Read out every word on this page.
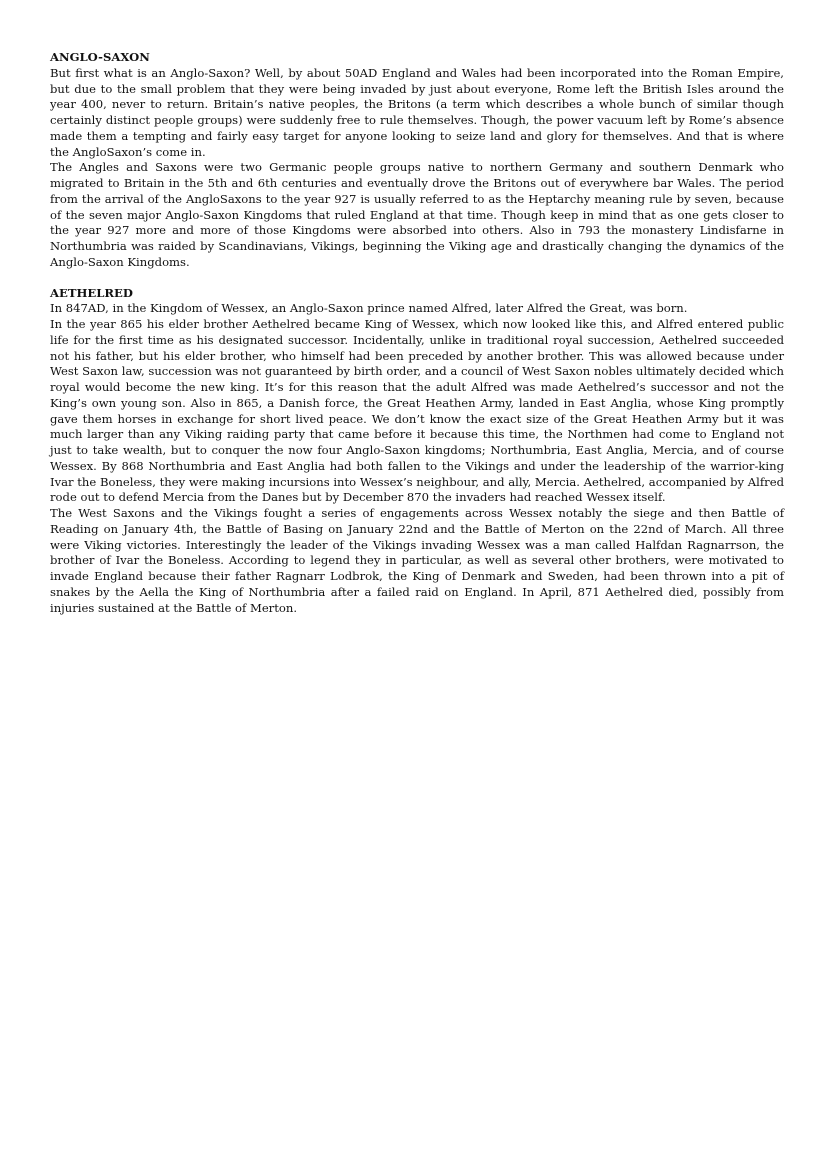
ANGLO-SAXON

But first what is an Anglo-Saxon? Well, by about 50AD England and Wales had been incorporated into the Roman Empire, but due to the small problem that they were being invaded by just about everyone, Rome left the British Isles around the year 400, never to return. Britain’s native peoples, the Britons (a term which describes a whole bunch of similar though certainly distinct people groups) were suddenly free to rule themselves. Though, the power vacuum left by Rome’s absence made them a tempting and fairly easy target for anyone looking to seize land and glory for themselves. And that is where the AngloSaxon’s come in.

The Angles and Saxons were two Germanic people groups native to northern Germany and southern Denmark who migrated to Britain in the 5th and 6th centuries and eventually drove the Britons out of everywhere bar Wales. The period from the arrival of the AngloSaxons to the year 927 is usually referred to as the Heptarchy meaning rule by seven, because of the seven major Anglo-Saxon Kingdoms that ruled England at that time. Though keep in mind that as one gets closer to the year 927 more and more of those Kingdoms were absorbed into others. Also in 793 the monastery Lindisfarne in Northumbria was raided by Scandinavians, Vikings, beginning the Viking age and drastically changing the dynamics of the Anglo-Saxon Kingdoms.

AETHELRED

In 847AD, in the Kingdom of Wessex, an Anglo-Saxon prince named Alfred, later Alfred the Great, was born.

In the year 865 his elder brother Aethelred became King of Wessex, which now looked like this, and Alfred entered public life for the first time as his designated successor. Incidentally, unlike in traditional royal succession, Aethelred succeeded not his father, but his elder brother, who himself had been preceded by another brother. This was allowed because under West Saxon law, succession was not guaranteed by birth order, and a council of West Saxon nobles ultimately decided which royal would become the new king. It’s for this reason that the adult Alfred was made Aethelred’s successor and not the King’s own young son. Also in 865, a Danish force, the Great Heathen Army, landed in East Anglia, whose King promptly gave them horses in exchange for short lived peace. We don’t know the exact size of the Great Heathen Army but it was much larger than any Viking raiding party that came before it because this time, the Northmen had come to England not just to take wealth, but to conquer the now four Anglo-Saxon kingdoms; Northumbria, East Anglia, Mercia, and of course Wessex. By 868 Northumbria and East Anglia had both fallen to the Vikings and under the leadership of the warrior-king Ivar the Boneless, they were making incursions into Wessex’s neighbour, and ally, Mercia. Aethelred, accompanied by Alfred rode out to defend Mercia from the Danes but by December 870 the invaders had reached Wessex itself.

The West Saxons and the Vikings fought a series of engagements across Wessex notably the siege and then Battle of Reading on January 4th, the Battle of Basing on January 22nd and the Battle of Merton on the 22nd of March. All three were Viking victories. Interestingly the leader of the Vikings invading Wessex was a man called Halfdan Ragnarrson, the brother of Ivar the Boneless. According to legend they in particular, as well as several other brothers, were motivated to invade England because their father Ragnarr Lodbrok, the King of Denmark and Sweden, had been thrown into a pit of snakes by the Aella the King of Northumbria after a failed raid on England. In April, 871 Aethelred died, possibly from injuries sustained at the Battle of Merton.
